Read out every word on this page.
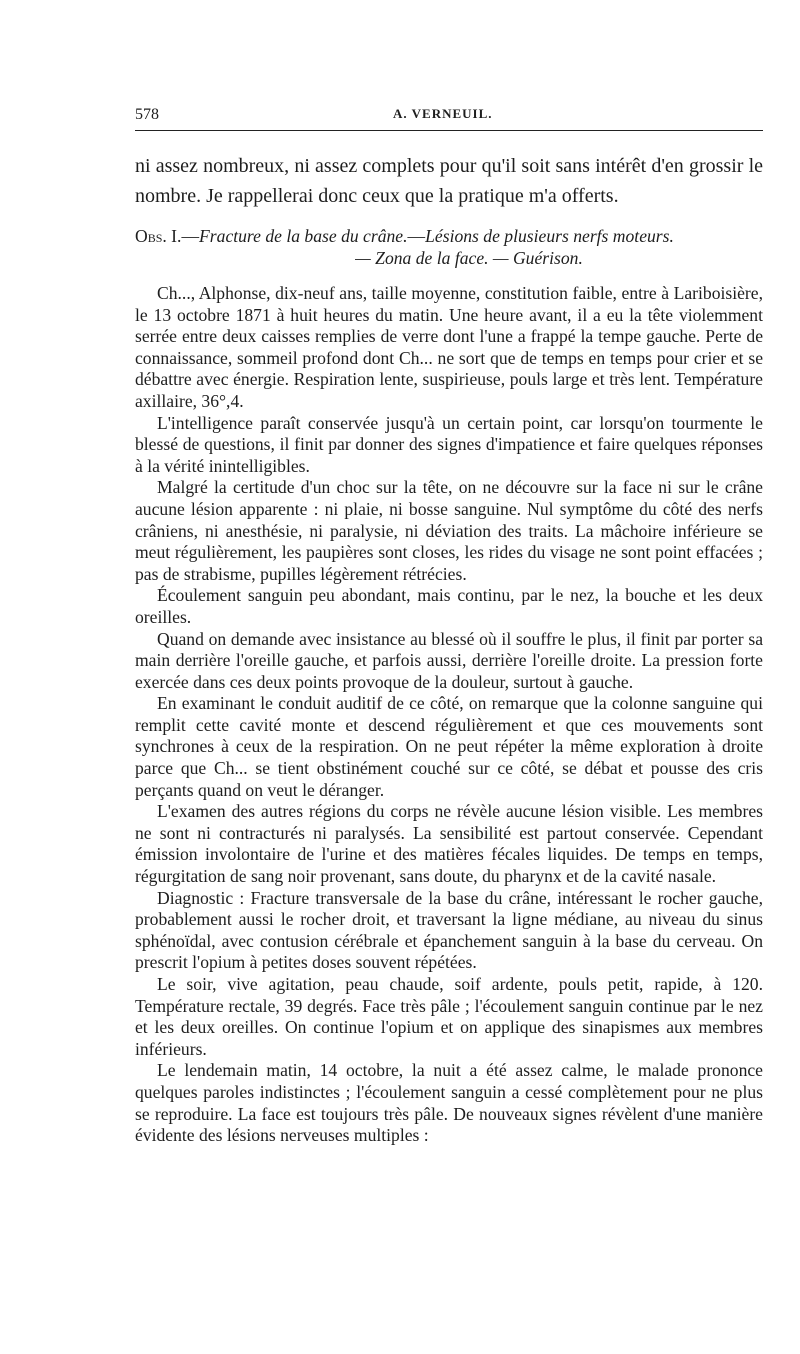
578	A. VERNEUIL.

ni assez nombreux, ni assez complets pour qu'il soit sans intérêt d'en grossir le nombre. Je rappellerai donc ceux que la pratique m'a offerts.

Obs. I.—Fracture de la base du crâne.—Lésions de plusieurs nerfs moteurs.
— Zona de la face. — Guérison.

Ch..., Alphonse, dix-neuf ans, taille moyenne, constitution faible, entre à Lariboisière, le 13 octobre 1871 à huit heures du matin. Une heure avant, il a eu la tête violemment serrée entre deux caisses remplies de verre dont l'une a frappé la tempe gauche. Perte de connaissance, sommeil profond dont Ch... ne sort que de temps en temps pour crier et se débattre avec énergie. Respiration lente, suspirieuse, pouls large et très lent. Température axillaire, 36°,4.

L'intelligence paraît conservée jusqu'à un certain point, car lorsqu'on tourmente le blessé de questions, il finit par donner des signes d'impatience et faire quelques réponses à la vérité inintelligibles.

Malgré la certitude d'un choc sur la tête, on ne découvre sur la face ni sur le crâne aucune lésion apparente : ni plaie, ni bosse sanguine. Nul symptôme du côté des nerfs crâniens, ni anesthésie, ni paralysie, ni déviation des traits. La mâchoire inférieure se meut régulièrement, les paupières sont closes, les rides du visage ne sont point effacées ; pas de strabisme, pupilles légèrement rétrécies.

Écoulement sanguin peu abondant, mais continu, par le nez, la bouche et les deux oreilles.

Quand on demande avec insistance au blessé où il souffre le plus, il finit par porter sa main derrière l'oreille gauche, et parfois aussi, derrière l'oreille droite. La pression forte exercée dans ces deux points provoque de la douleur, surtout à gauche.

En examinant le conduit auditif de ce côté, on remarque que la colonne sanguine qui remplit cette cavité monte et descend régulièrement et que ces mouvements sont synchrones à ceux de la respiration. On ne peut répéter la même exploration à droite parce que Ch... se tient obstinément couché sur ce côté, se débat et pousse des cris perçants quand on veut le déranger.

L'examen des autres régions du corps ne révèle aucune lésion visible. Les membres ne sont ni contracturés ni paralysés. La sensibilité est partout conservée. Cependant émission involontaire de l'urine et des matières fécales liquides. De temps en temps, régurgitation de sang noir provenant, sans doute, du pharynx et de la cavité nasale.

Diagnostic : Fracture transversale de la base du crâne, intéressant le rocher gauche, probablement aussi le rocher droit, et traversant la ligne médiane, au niveau du sinus sphénoïdal, avec contusion cérébrale et épanchement sanguin à la base du cerveau. On prescrit l'opium à petites doses souvent répétées.

Le soir, vive agitation, peau chaude, soif ardente, pouls petit, rapide, à 120. Température rectale, 39 degrés. Face très pâle ; l'écoulement sanguin continue par le nez et les deux oreilles. On continue l'opium et on applique des sinapismes aux membres inférieurs.

Le lendemain matin, 14 octobre, la nuit a été assez calme, le malade prononce quelques paroles indistinctes ; l'écoulement sanguin a cessé complètement pour ne plus se reproduire. La face est toujours très pâle. De nouveaux signes révèlent d'une manière évidente des lésions nerveuses multiples :
